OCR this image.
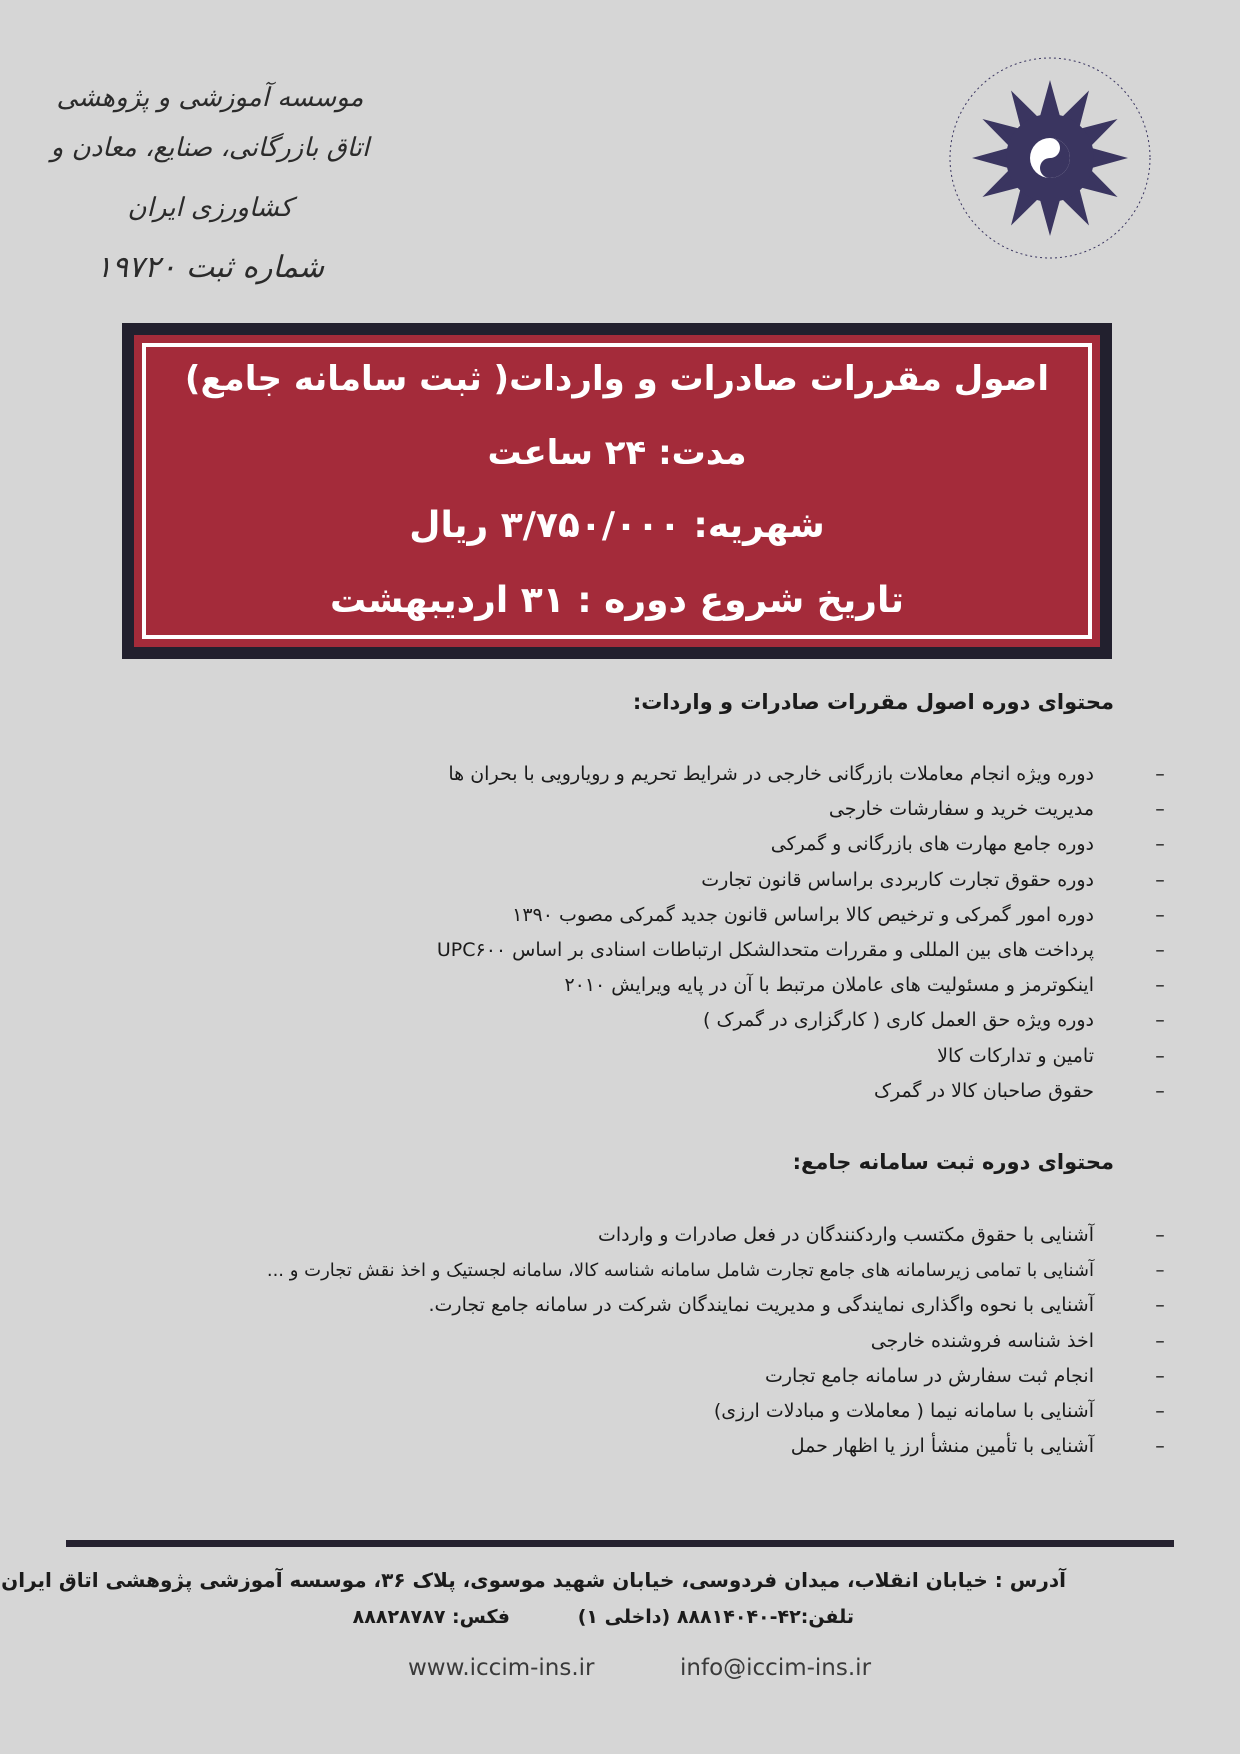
موسسه آموزشی و پژوهشی
اتاق بازرگانی، صنایع، معادن و کشاورزی ایران
شماره ثبت ۱۹۷۲۰
اصول مقررات صادرات و واردات( ثبت سامانه جامع)
مدت: ۲۴ ساعت
شهریه: ۳/۷۵۰/۰۰۰ ریال
تاریخ شروع دوره : ۳۱ اردیبهشت
محتوای دوره اصول مقررات صادرات و واردات:
–
دوره ویژه انجام معاملات بازرگانی خارجی در شرایط تحریم و رویارویی با بحران ها
–
مدیریت خرید و سفارشات خارجی
–
دوره جامع مهارت های بازرگانی و گمرکی
–
دوره حقوق تجارت کاربردی براساس قانون تجارت
–
دوره امور گمرکی و ترخیص کالا براساس قانون جدید گمرکی مصوب ۱۳۹۰
–
پرداخت های بین المللی و مقررات متحدالشکل ارتباطات اسنادی بر اساس UPC۶۰۰
–
اینکوترمز و مسئولیت های عاملان مرتبط با آن در پایه ویرایش ۲۰۱۰
–
دوره ویژه حق العمل کاری ( کارگزاری در گمرک )
–
تامین و تدارکات کالا
–
حقوق صاحبان کالا در گمرک
محتوای دوره ثبت سامانه جامع:
–
آشنایی با حقوق مکتسب واردکنندگان در فعل صادرات و واردات
–
آشنایی با تمامی زیرسامانه های جامع تجارت شامل سامانه شناسه کالا، سامانه لجستیک و اخذ نقش تجارت و ...
–
آشنایی با نحوه واگذاری نمایندگی و مدیریت نمایندگان شرکت در سامانه جامع تجارت.
–
اخذ شناسه فروشنده خارجی
–
انجام ثبت سفارش در سامانه جامع تجارت
–
آشنایی با سامانه نیما ( معاملات و مبادلات ارزی)
–
آشنایی با تأمین منشأ ارز یا اظهار حمل
آدرس : خیابان انقلاب، میدان فردوسی، خیابان شهید موسوی، پلاک ۳۶، موسسه آموزشی پژوهشی اتاق ایران
تلفن:۴۲-۸۸۸۱۴۰۴۰ (داخلی ۱)
فکس: ۸۸۸۲۸۷۸۷
www.iccim-ins.ir	info@iccim-ins.ir
